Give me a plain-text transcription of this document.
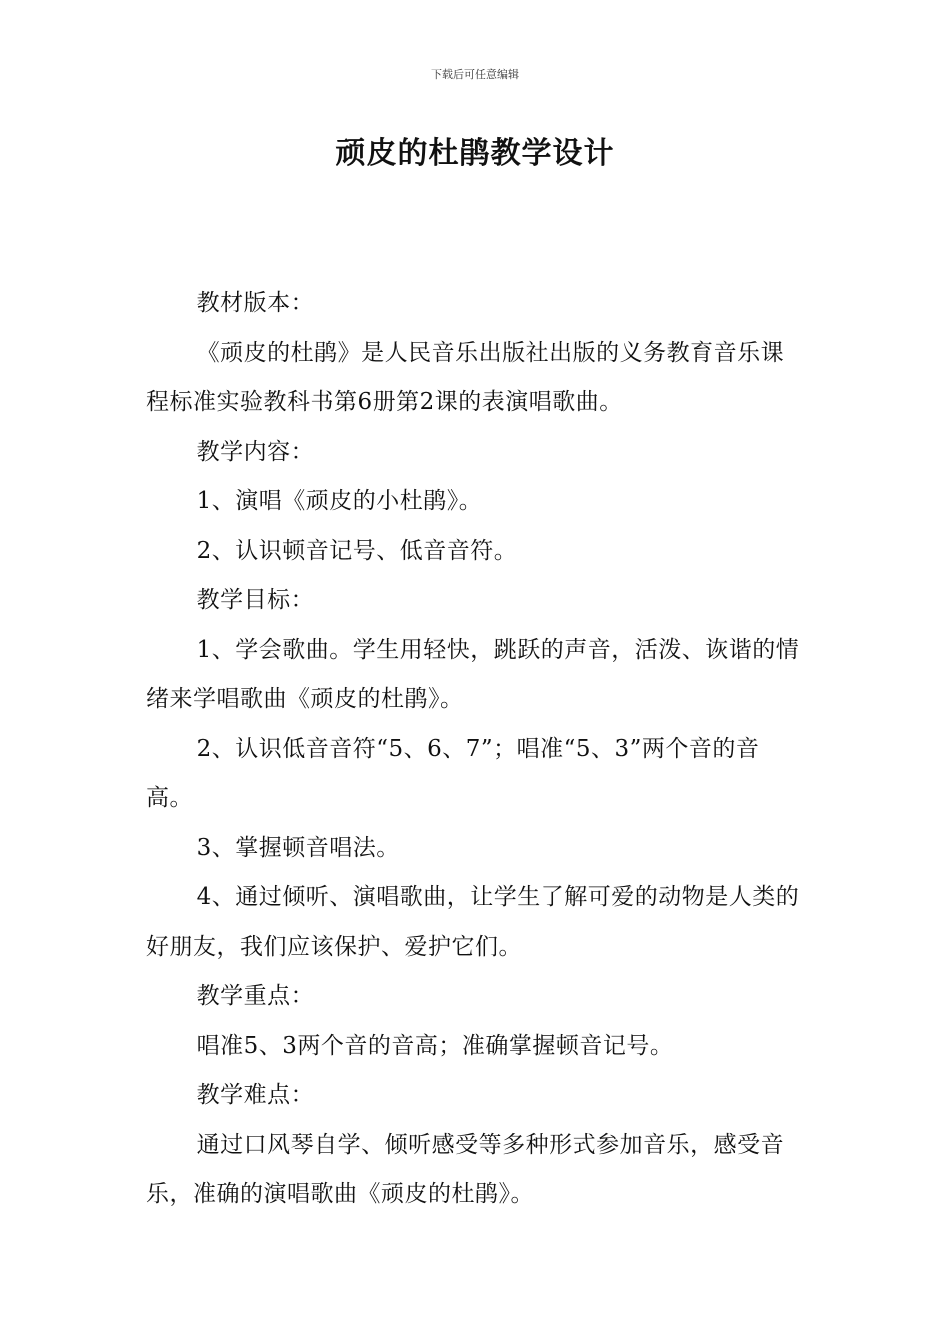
下载后可任意编辑
顽皮的杜鹃教学设计

教材版本：

《顽皮的杜鹃》是人民音乐出版社出版的义务教育音乐课程标准实验教科书第6册第2课的表演唱歌曲。

教学内容：

1、演唱《顽皮的小杜鹃》。

2、认识顿音记号、低音音符。

教学目标：

1、学会歌曲。学生用轻快，跳跃的声音，活泼、诙谐的情绪来学唱歌曲《顽皮的杜鹃》。

2、认识低音音符“5、6、7”；唱准“5、3”两个音的音高。

3、掌握顿音唱法。

4、通过倾听、演唱歌曲，让学生了解可爱的动物是人类的好朋友，我们应该保护、爱护它们。

教学重点：

唱准5、3两个音的音高；准确掌握顿音记号。

教学难点：

通过口风琴自学、倾听感受等多种形式参加音乐，感受音乐，准确的演唱歌曲《顽皮的杜鹃》。
